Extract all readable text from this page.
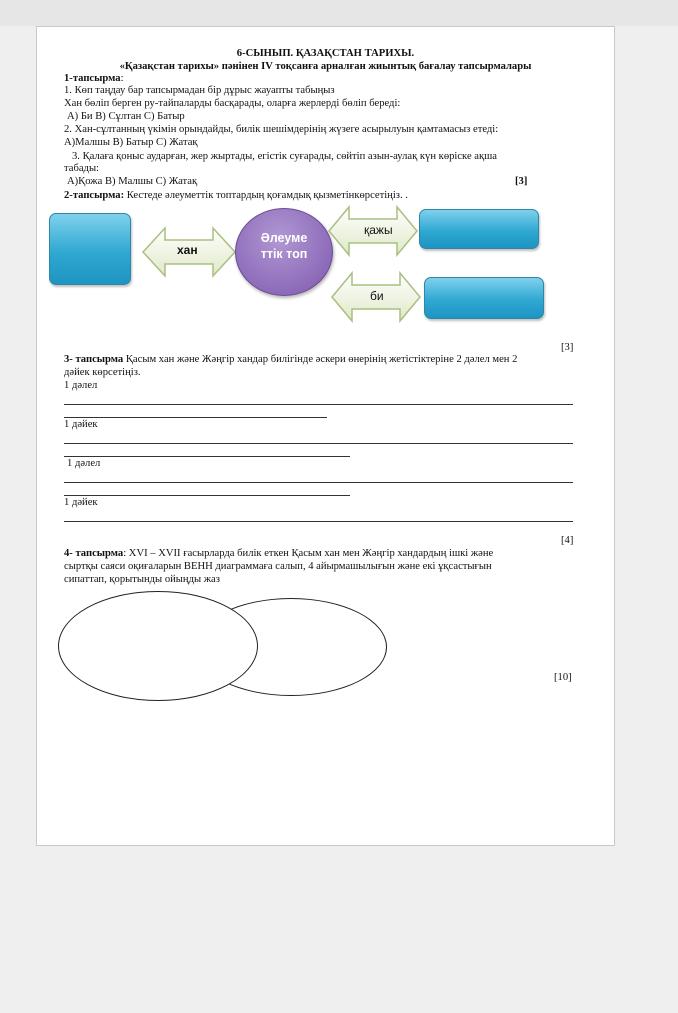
6-СЫНЫП. ҚАЗАҚСТАН ТАРИХЫ.
«Қазақстан тарихы» пәнінен IV тоқсанға арналған жиынтық бағалау тапсырмалары
1-тапсырма:
1. Көп таңдау бар тапсырмадан бір дұрыс жауапты табыңыз
Хан бөліп берген ру-тайпаларды басқарады, оларға жерлерді бөліп береді:
А) Би В) Сұлтан С) Батыр
2. Хан-сұлтанның үкімін орындайды, билік шешімдерінің жүзеге асырылуын қамтамасыз етеді:
А)Малшы В) Батыр С) Жатақ
3. Қалаға қоныс аударған, жер жыртады, егістік суғарады, сөйтіп азын-аулақ күн көріске ақша
табады:
А)Қожа В) Малшы С) Жатақ	[3]
2-тапсырма: Кестеде әлеуметтік топтардың қоғамдық қызметінкөрсетіңіз. .
хан
Әлеуме
ттік топ
қажы
би
[3]
3- тапсырма Қасым хан және Жәңгір хандар билігінде әскери өнерінің жетістіктеріне 2 дәлел мен 2
дәйек көрсетіңіз.
1 дәлел
1 дәйек
1 дәлел
1 дәйек
[4]
4- тапсырма: XVI – XVII ғасырларда билік еткен Қасым хан мен Жәңгір хандардың ішкі және
сыртқы саяси оқиғаларын ВЕНН диаграммаға салып, 4 айырмашылығын және екі ұқсастығын
сипаттап, қорытынды ойыңды жаз
[10]
